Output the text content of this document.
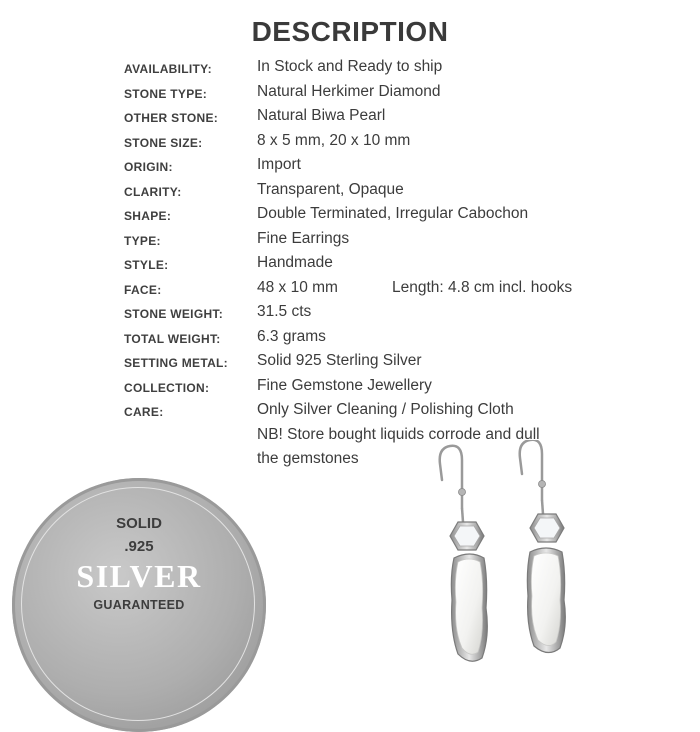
DESCRIPTION
AVAILABILITY:	In Stock and Ready to ship
STONE TYPE:	Natural Herkimer Diamond
OTHER STONE:	Natural Biwa Pearl
STONE SIZE:	8 x 5 mm, 20 x 10 mm
ORIGIN:	Import
CLARITY:	Transparent, Opaque
SHAPE:	Double Terminated, Irregular Cabochon
TYPE:	Fine Earrings
STYLE:	Handmade
FACE:	48 x 10 mm	Length: 4.8 cm incl. hooks
STONE WEIGHT: 31.5 cts
TOTAL WEIGHT: 6.3 grams
SETTING METAL: Solid 925 Sterling Silver
COLLECTION:	Fine Gemstone Jewellery
CARE:	Only Silver Cleaning / Polishing Cloth
NB! Store bought liquids corrode and dull
the gemstones
SOLID
.925
SILVER
GUARANTEED
